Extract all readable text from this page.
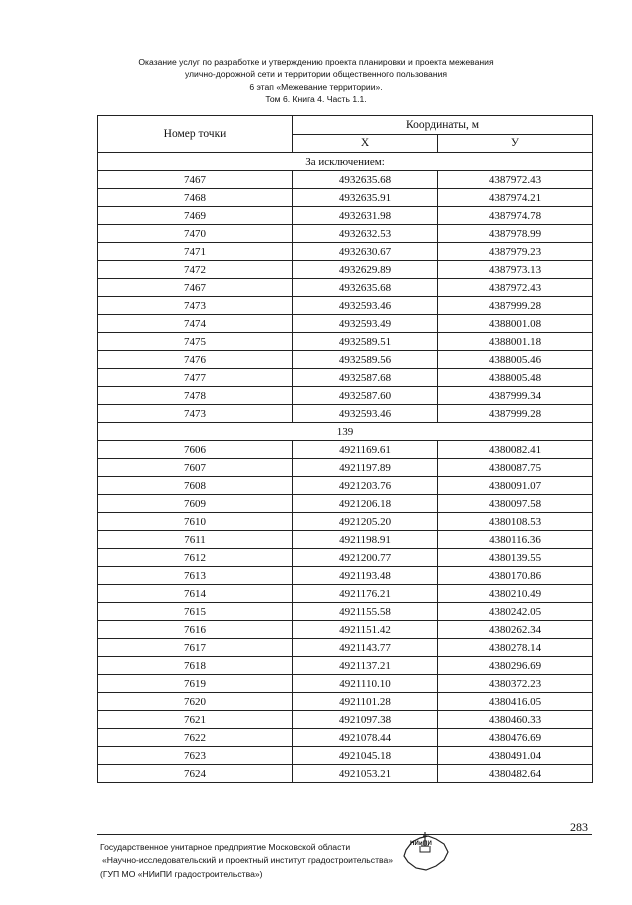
Оказание услуг по разработке и утверждению проекта планировки и проекта межевания
улично-дорожной сети и территории общественного пользования
6 этап «Межевание территории».
Том 6. Книга 4. Часть 1.1.
Номер точки	Координаты, м	
	X	У
За исключением:		
7467	4932635.68	4387972.43
7468	4932635.91	4387974.21
7469	4932631.98	4387974.78
7470	4932632.53	4387978.99
7471	4932630.67	4387979.23
7472	4932629.89	4387973.13
7467	4932635.68	4387972.43
7473	4932593.46	4387999.28
7474	4932593.49	4388001.08
7475	4932589.51	4388001.18
7476	4932589.56	4388005.46
7477	4932587.68	4388005.48
7478	4932587.60	4387999.34
7473	4932593.46	4387999.28
139		
7606	4921169.61	4380082.41
7607	4921197.89	4380087.75
7608	4921203.76	4380091.07
7609	4921206.18	4380097.58
7610	4921205.20	4380108.53
7611	4921198.91	4380116.36
7612	4921200.77	4380139.55
7613	4921193.48	4380170.86
7614	4921176.21	4380210.49
7615	4921155.58	4380242.05
7616	4921151.42	4380262.34
7617	4921143.77	4380278.14
7618	4921137.21	4380296.69
7619	4921110.10	4380372.23
7620	4921101.28	4380416.05
7621	4921097.38	4380460.33
7622	4921078.44	4380476.69
7623	4921045.18	4380491.04
7624	4921053.21	4380482.64
283
Государственное унитарное предприятие Московской области
«Научно-исследовательский и проектный институт градостроительства»
(ГУП МО «НИиПИ градостроительства»)
НИиПИ
